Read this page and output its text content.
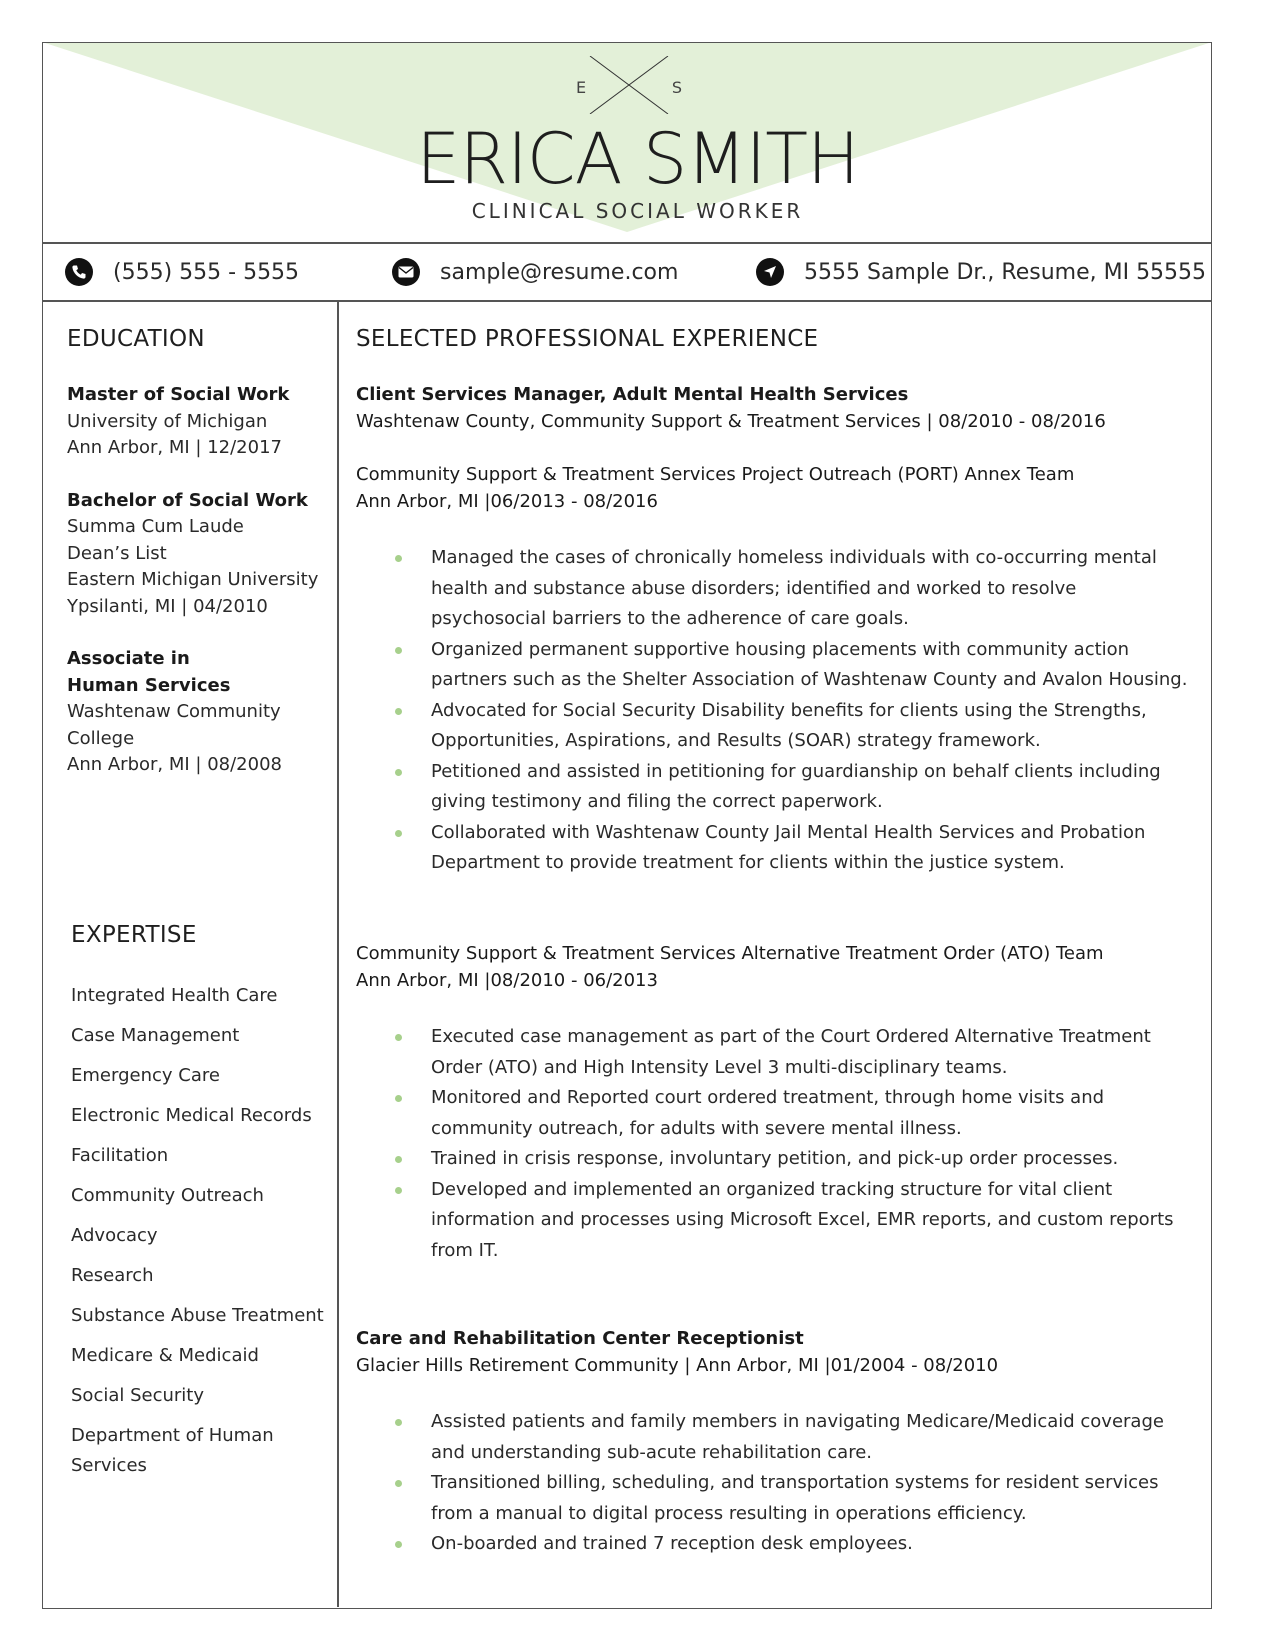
E	S
ERICA SMITH
CLINICAL SOCIAL WORKER
(555) 555 - 5555	sample@resume.com	5555 Sample Dr., Resume, MI 55555
EDUCATION
Master of Social Work
University of Michigan
Ann Arbor, MI | 12/2017
Bachelor of Social Work
Summa Cum Laude
Dean’s List
Eastern Michigan University
Ypsilanti, MI | 04/2010
Associate in Human Services
Washtenaw Community College
Ann Arbor, MI | 08/2008
EXPERTISE
Integrated Health Care
Case Management
Emergency Care
Electronic Medical Records
Facilitation
Community Outreach
Advocacy
Research
Substance Abuse Treatment
Medicare & Medicaid
Social Security
Department of Human Services
SELECTED PROFESSIONAL EXPERIENCE
Client Services Manager, Adult Mental Health Services
Washtenaw County, Community Support & Treatment Services | 08/2010 - 08/2016
Community Support & Treatment Services Project Outreach (PORT) Annex Team
Ann Arbor, MI |06/2013 - 08/2016
Managed the cases of chronically homeless individuals with co-occurring mental health and substance abuse disorders; identified and worked to resolve psychosocial barriers to the adherence of care goals.
Organized permanent supportive housing placements with community action partners such as the Shelter Association of Washtenaw County and Avalon Housing.
Advocated for Social Security Disability benefits for clients using the Strengths, Opportunities, Aspirations, and Results (SOAR) strategy framework.
Petitioned and assisted in petitioning for guardianship on behalf clients including giving testimony and filing the correct paperwork.
Collaborated with Washtenaw County Jail Mental Health Services and Probation Department to provide treatment for clients within the justice system.
Community Support & Treatment Services Alternative Treatment Order (ATO) Team
Ann Arbor, MI |08/2010 - 06/2013
Executed case management as part of the Court Ordered Alternative Treatment Order (ATO) and High Intensity Level 3 multi-disciplinary teams.
Monitored and Reported court ordered treatment, through home visits and community outreach, for adults with severe mental illness.
Trained in crisis response, involuntary petition, and pick-up order processes.
Developed and implemented an organized tracking structure for vital client information and processes using Microsoft Excel, EMR reports, and custom reports from IT.
Care and Rehabilitation Center Receptionist
Glacier Hills Retirement Community | Ann Arbor, MI |01/2004 - 08/2010
Assisted patients and family members in navigating Medicare/Medicaid coverage and understanding sub-acute rehabilitation care.
Transitioned billing, scheduling, and transportation systems for resident services from a manual to digital process resulting in operations efficiency.
On-boarded and trained 7 reception desk employees.
